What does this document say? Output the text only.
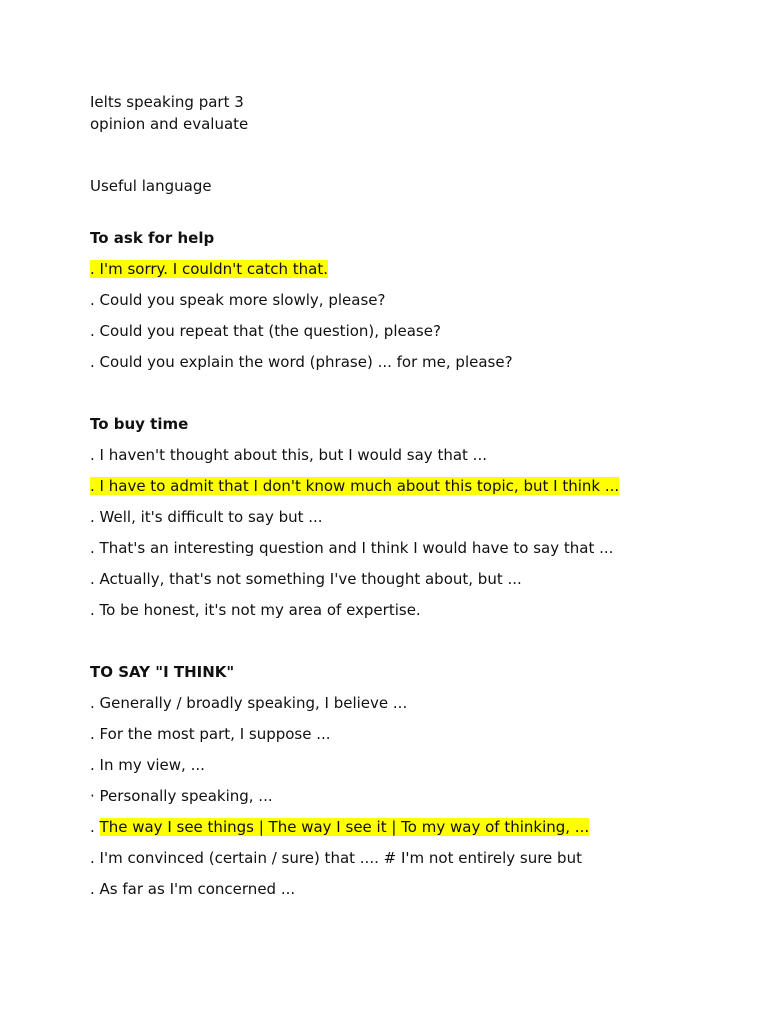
Ielts speaking part 3
opinion and evaluate
Useful language
To ask for help
. I'm sorry. I couldn't catch that.
. Could you speak more slowly, please?
. Could you repeat that (the question), please?
. Could you explain the word (phrase) ... for me, please?
To buy time
. I haven't thought about this, but I would say that ...
. I have to admit that I don't know much about this topic, but I think ...
. Well, it's difficult to say but ...
. That's an interesting question and I think I would have to say that ...
. Actually, that's not something I've thought about, but ...
. To be honest, it's not my area of expertise.
TO SAY "I THINK"
. Generally / broadly speaking, I believe ...
. For the most part, I suppose ...
. In my view, ...
· Personally speaking, ...
. The way I see things | The way I see it | To my way of thinking, ...
. I'm convinced (certain / sure) that .... # I'm not entirely sure but
. As far as I'm concerned ...
